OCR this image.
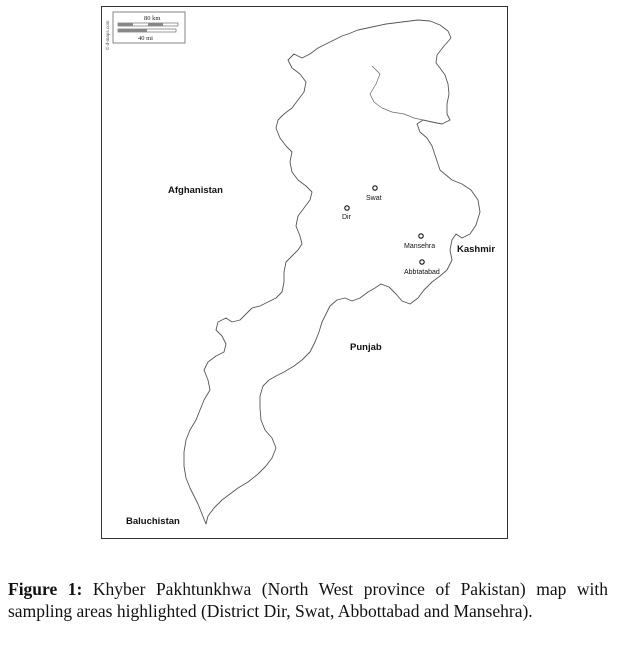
80 km
40 mi
© d-maps.com
Afghanistan
Kashmir
Punjab
Baluchistan
Swat
Dir
Mansehra
Abbtatabad
Figure 1: Khyber Pakhtunkhwa (North West province of Pakistan) map with sampling areas highlighted (District Dir, Swat, Abbottabad and Mansehra).
